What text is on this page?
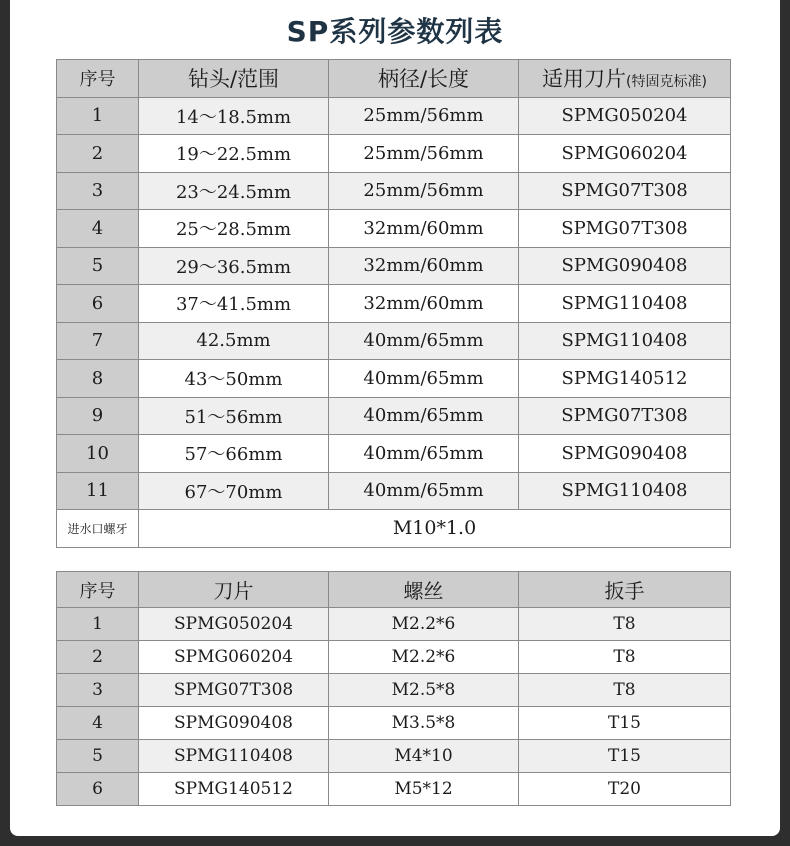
SP系列参数列表
序号	钻头/范围	柄径/长度	适用刀片(特固克标准)
1	14～18.5mm	25mm/56mm	SPMG050204
2	19～22.5mm	25mm/56mm	SPMG060204
3	23～24.5mm	25mm/56mm	SPMG07T308
4	25～28.5mm	32mm/60mm	SPMG07T308
5	29～36.5mm	32mm/60mm	SPMG090408
6	37～41.5mm	32mm/60mm	SPMG110408
7	42.5mm	40mm/65mm	SPMG110408
8	43～50mm	40mm/65mm	SPMG140512
9	51～56mm	40mm/65mm	SPMG07T308
10	57～66mm	40mm/65mm	SPMG090408
11	67～70mm	40mm/65mm	SPMG110408
进水口螺牙	M10*1.0		
序号	刀片	螺丝	扳手
1	SPMG050204	M2.2*6	T8
2	SPMG060204	M2.2*6	T8
3	SPMG07T308	M2.5*8	T8
4	SPMG090408	M3.5*8	T15
5	SPMG110408	M4*10	T15
6	SPMG140512	M5*12	T20
